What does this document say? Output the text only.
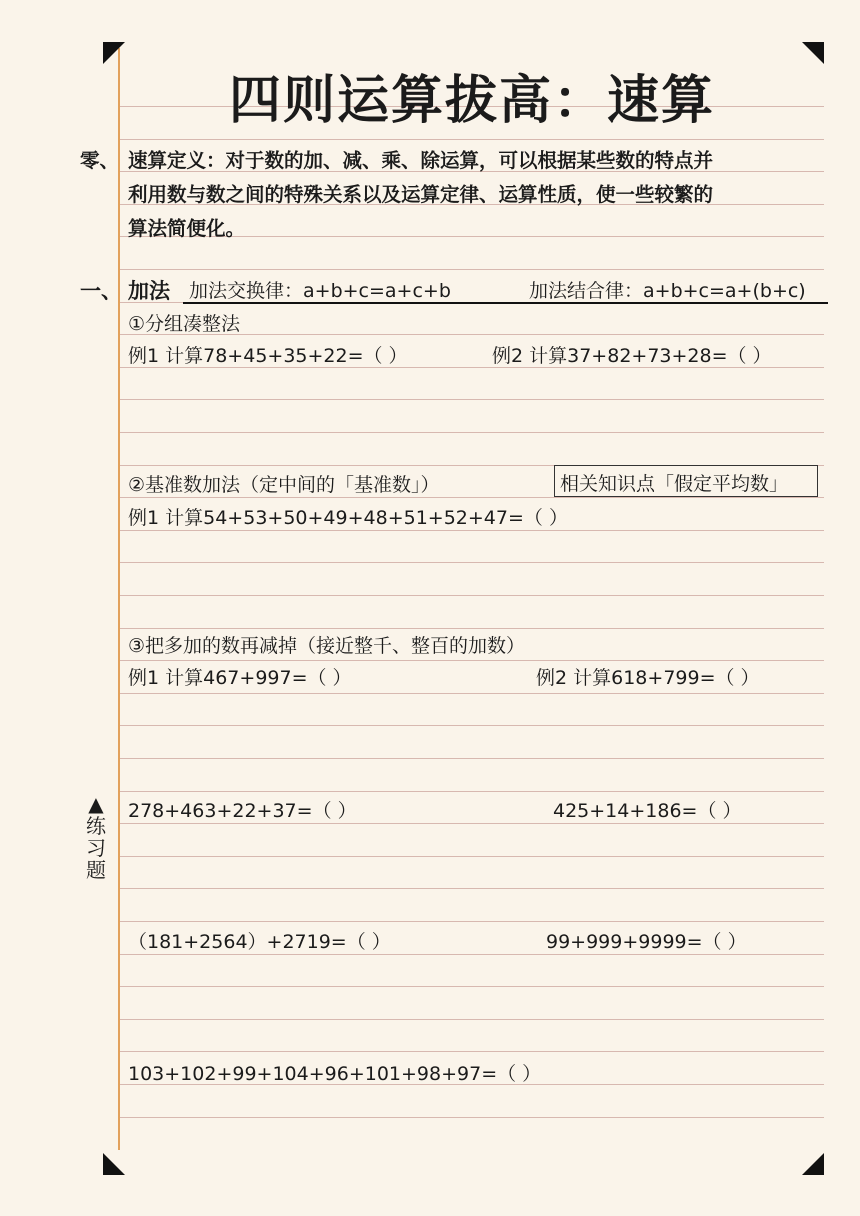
四则运算拔高：速算
零、 速算定义：对于数的加、减、乘、除运算，可以根据某些数的特点并
利用数与数之间的特殊关系以及运算定律、运算性质，使一些较繁的
算法简便化。
一、 加法 加法交换律：a+b+c=a+c+b	加法结合律：a+b+c=a+(b+c)
①分组凑整法
例1 计算78+45+35+22=（ ）	例2 计算37+82+73+28=（ ）
②基准数加法（定中间的「基准数」）	相关知识点「假定平均数」
例1 计算54+53+50+49+48+51+52+47=（ ）
③把多加的数再减掉（接近整千、整百的加数）
例1 计算467+997=（ ）	例2 计算618+799=（ ）
▲
练
习
题
278+463+22+37=（ ）	425+14+186=（ ）
（181+2564）+2719=（ ）	99+999+9999=（ ）
103+102+99+104+96+101+98+97=（ ）
